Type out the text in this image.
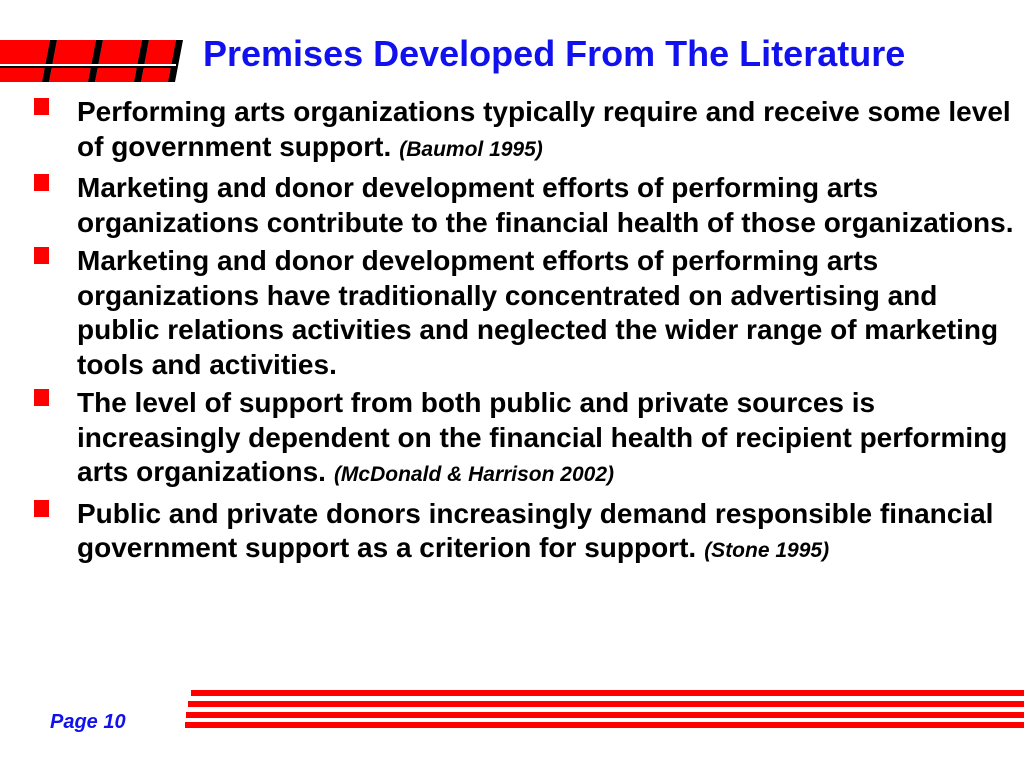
Premises Developed From The Literature
Performing arts organizations typically require and receive some level of government support. (Baumol 1995)
Marketing and donor development efforts of performing arts organizations contribute to the financial health of those organizations.
Marketing and donor development efforts of performing arts organizations have traditionally concentrated on advertising and public relations activities and neglected the wider range of marketing tools and activities.
The level of support from both public and private sources is increasingly dependent on the financial health of recipient performing arts organizations. (McDonald & Harrison 2002)
Public and private donors increasingly demand responsible financial government support as a criterion for support. (Stone 1995)
Page 10
